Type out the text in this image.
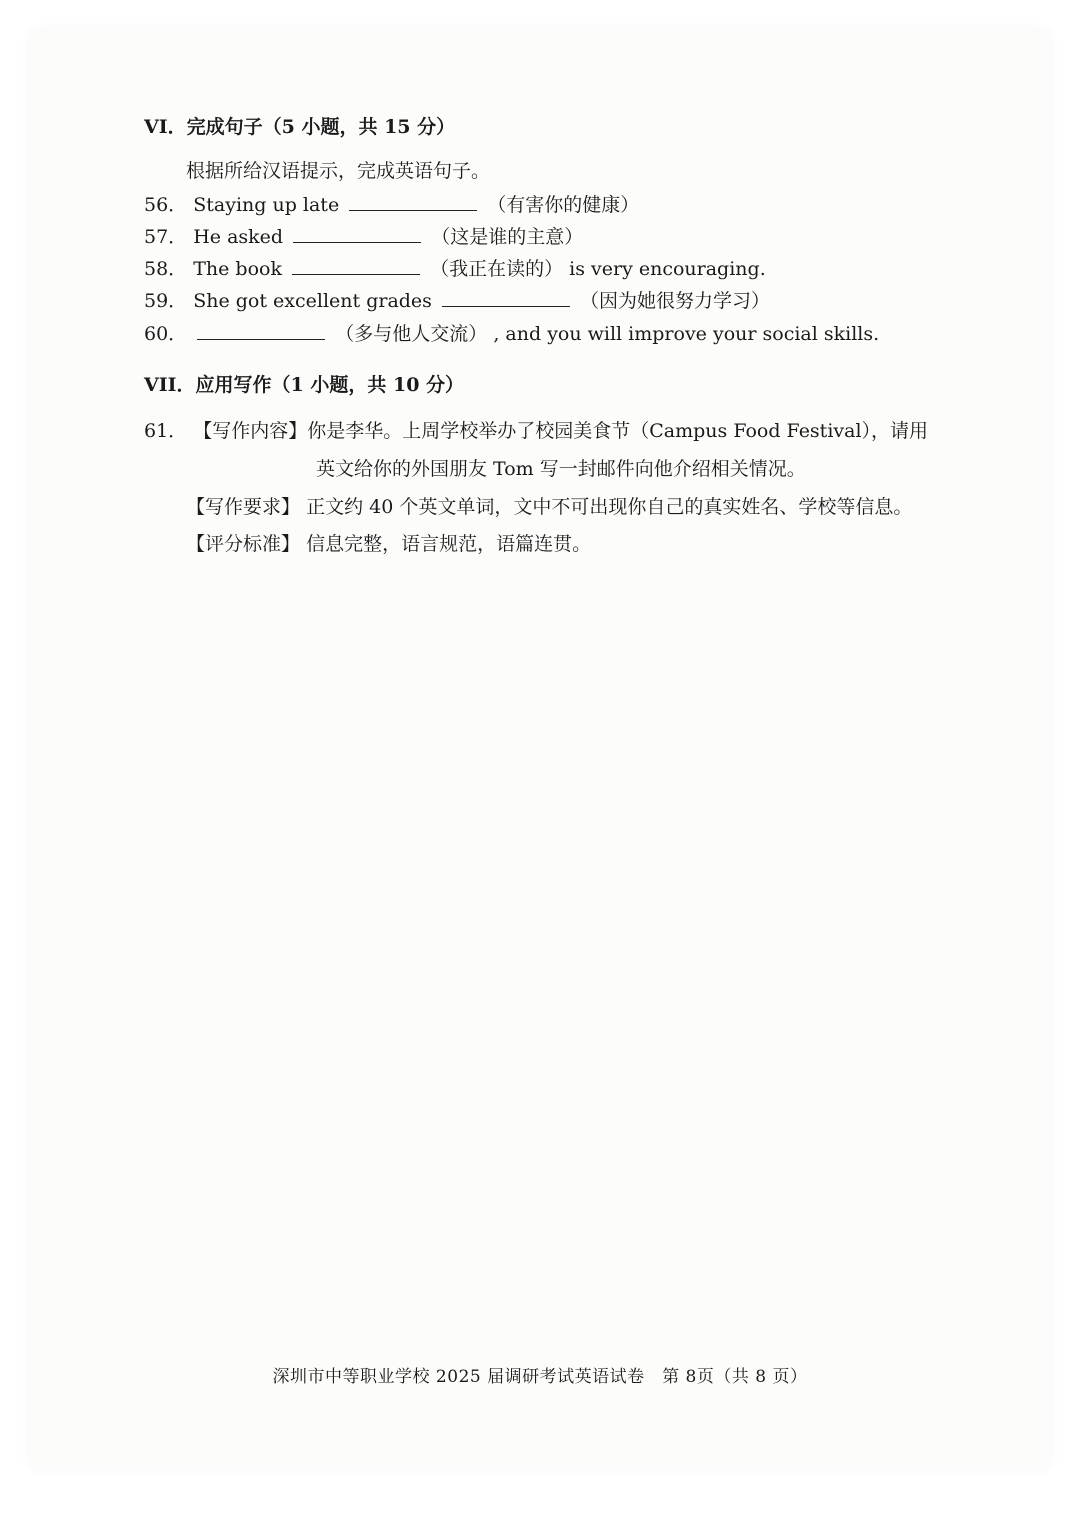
VI．完成句子（5 小题，共 15 分）
根据所给汉语提示，完成英语句子。
56． Staying up late	（有害你的健康）
57． He asked	（这是谁的主意）
58． The book	（我正在读的） is very encouraging.
59． She got excellent grades	（因为她很努力学习）
60．	（多与他人交流） , and you will improve your social skills.
VII．应用写作（1 小题，共 10 分）
61． 【写作内容】你是李华。上周学校举办了校园美食节（Campus Food Festival），请用
英文给你的外国朋友 Tom 写一封邮件向他介绍相关情况。
【写作要求】 正文约 40 个英文单词，文中不可出现你自己的真实姓名、学校等信息。
【评分标准】 信息完整，语言规范，语篇连贯。
深圳市中等职业学校 2025 届调研考试英语试卷　第 8页（共 8 页）
